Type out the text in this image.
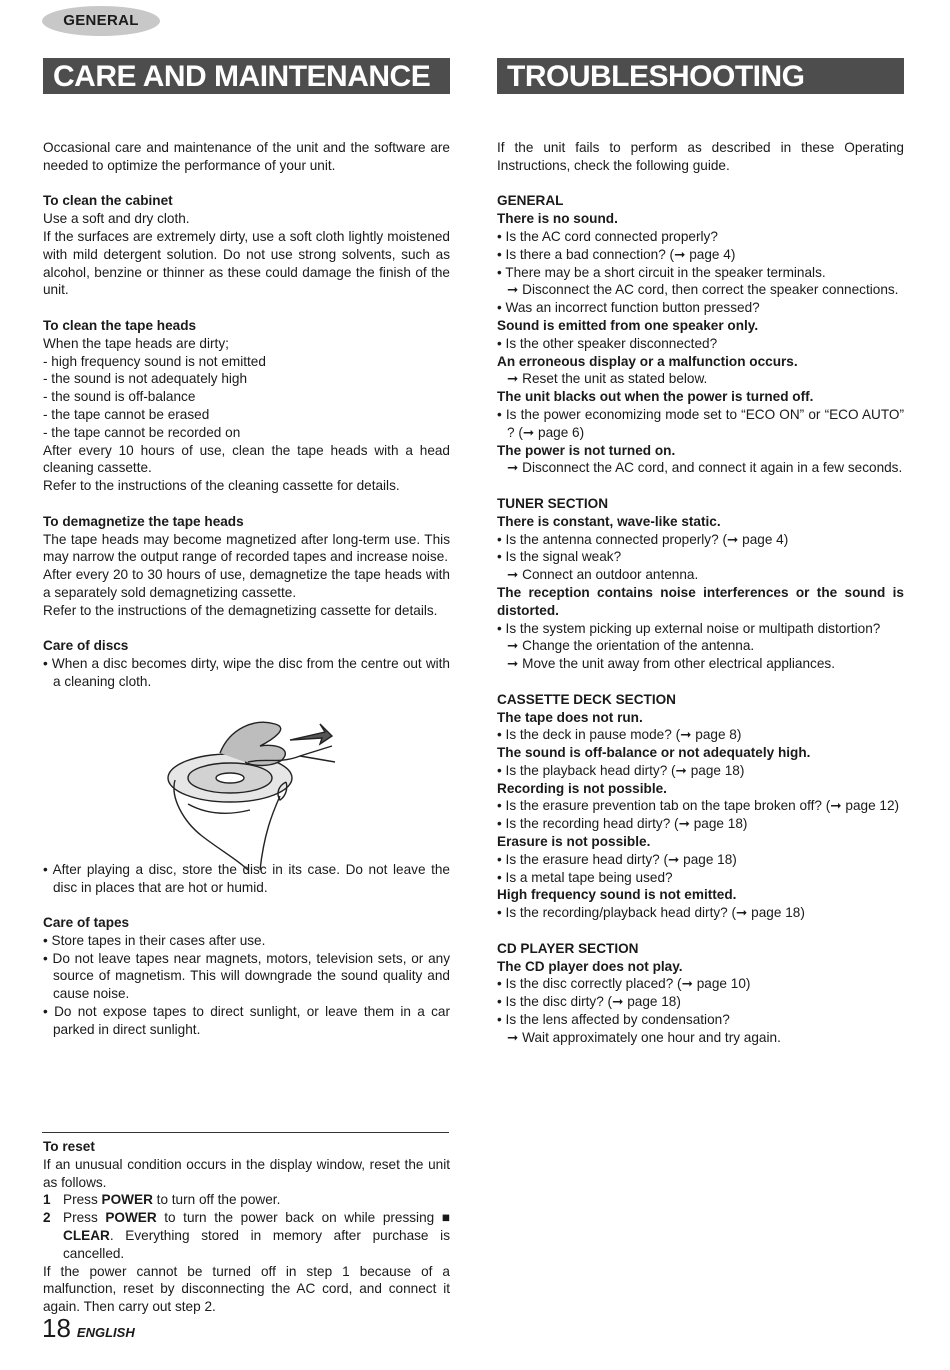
GENERAL
CARE AND MAINTENANCE	TROUBLESHOOTING GUIDE

Occasional care and maintenance of the unit and the software are needed to optimize the performance of your unit.

To clean the cabinet

Use a soft and dry cloth.

If the surfaces are extremely dirty, use a soft cloth lightly moistened with mild detergent solution. Do not use strong solvents, such as alcohol, benzine or thinner as these could damage the finish of the unit.

To clean the tape heads

When the tape heads are dirty;

- high frequency sound is not emitted

- the sound is not adequately high

- the sound is off-balance

- the tape cannot be erased

- the tape cannot be recorded on

After every 10 hours of use, clean the tape heads with a head cleaning cassette.

Refer to the instructions of the cleaning cassette for details.

To demagnetize the tape heads

The tape heads may become magnetized after long-term use. This may narrow the output range of recorded tapes and increase noise.

After every 20 to 30 hours of use, demagnetize the tape heads with a separately sold demagnetizing cassette.

Refer to the instructions of the demagnetizing cassette for details.

Care of discs

• When a disc becomes dirty, wipe the disc from the centre out with a cleaning cloth.

• After playing a disc, store the disc in its case. Do not leave the disc in places that are hot or humid.

Care of tapes

• Store tapes in their cases after use.

• Do not leave tapes near magnets, motors, television sets, or any source of magnetism. This will downgrade the sound quality and cause noise.

• Do not expose tapes to direct sunlight, or leave them in a car parked in direct sunlight.

To reset

If an unusual condition occurs in the display window, reset the unit as follows.

1 Press POWER to turn off the power.

2 Press POWER to turn the power back on while pressing ■ CLEAR. Everything stored in memory after purchase is cancelled.

If the power cannot be turned off in step 1 because of a malfunction, reset by disconnecting the AC cord, and connect it again. Then carry out step 2.

If the unit fails to perform as described in these Operating Instructions, check the following guide.

GENERAL

There is no sound.

• Is the AC cord connected properly?

• Is there a bad connection? (➞ page 4)

• There may be a short circuit in the speaker terminals.

➞ Disconnect the AC cord, then correct the speaker connections.

• Was an incorrect function button pressed?

Sound is emitted from one speaker only.

• Is the other speaker disconnected?

An erroneous display or a malfunction occurs.

➞ Reset the unit as stated below.

The unit blacks out when the power is turned off.

• Is the power economizing mode set to “ECO ON” or “ECO AUTO” ? (➞ page 6)

The power is not turned on.

➞ Disconnect the AC cord, and connect it again in a few seconds.

TUNER SECTION

There is constant, wave-like static.

• Is the antenna connected properly? (➞ page 4)

• Is the signal weak?

➞ Connect an outdoor antenna.

The reception contains noise interferences or the sound is distorted.

• Is the system picking up external noise or multipath distortion?

➞ Change the orientation of the antenna.

➞ Move the unit away from other electrical appliances.

CASSETTE DECK SECTION

The tape does not run.

• Is the deck in pause mode? (➞ page 8)

The sound is off-balance or not adequately high.

• Is the playback head dirty? (➞ page 18)

Recording is not possible.

• Is the erasure prevention tab on the tape broken off? (➞ page 12)

• Is the recording head dirty? (➞ page 18)

Erasure is not possible.

• Is the erasure head dirty? (➞ page 18)

• Is a metal tape being used?

High frequency sound is not emitted.

• Is the recording/playback head dirty? (➞ page 18)

CD PLAYER SECTION

The CD player does not play.

• Is the disc correctly placed? (➞ page 10)

• Is the disc dirty? (➞ page 18)

• Is the lens affected by condensation?

➞ Wait approximately one hour and try again.

18 ENGLISH
